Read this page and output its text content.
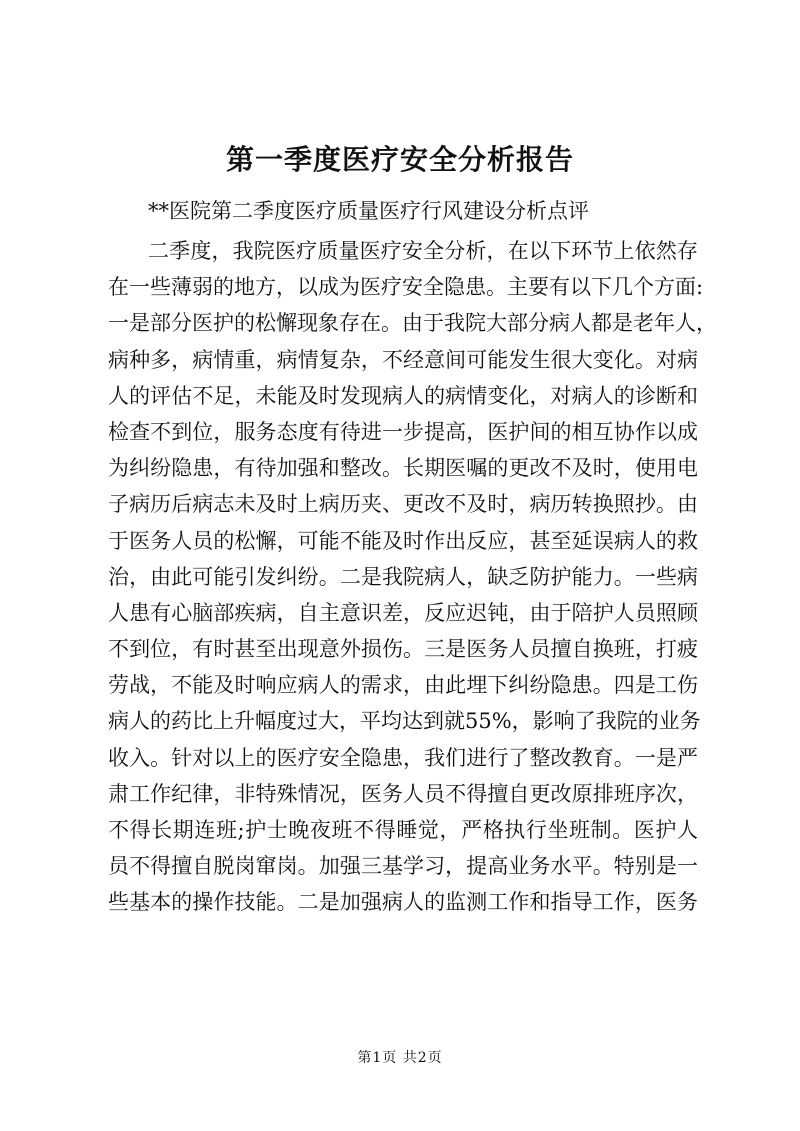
第一季度医疗安全分析报告
**医院第二季度医疗质量医疗行风建设分析点评
二季度，我院医疗质量医疗安全分析，在以下环节上依然存
在一些薄弱的地方，以成为医疗安全隐患。主要有以下几个方面:
一是部分医护的松懈现象存在。由于我院大部分病人都是老年人，
病种多，病情重，病情复杂，不经意间可能发生很大变化。对病
人的评估不足，未能及时发现病人的病情变化，对病人的诊断和
检查不到位，服务态度有待进一步提高，医护间的相互协作以成
为纠纷隐患，有待加强和整改。长期医嘱的更改不及时，使用电
子病历后病志未及时上病历夹、更改不及时，病历转换照抄。由
于医务人员的松懈，可能不能及时作出反应，甚至延误病人的救
治，由此可能引发纠纷。二是我院病人，缺乏防护能力。一些病
人患有心脑部疾病，自主意识差，反应迟钝，由于陪护人员照顾
不到位，有时甚至出现意外损伤。三是医务人员擅自换班，打疲
劳战，不能及时响应病人的需求，由此埋下纠纷隐患。四是工伤
病人的药比上升幅度过大，平均达到就55%，影响了我院的业务
收入。针对以上的医疗安全隐患，我们进行了整改教育。一是严
肃工作纪律，非特殊情况，医务人员不得擅自更改原排班序次，
不得长期连班;护士晚夜班不得睡觉，严格执行坐班制。医护人
员不得擅自脱岗窜岗。加强三基学习，提高业务水平。特别是一
些基本的操作技能。二是加强病人的监测工作和指导工作，医务
第1页 共2页
